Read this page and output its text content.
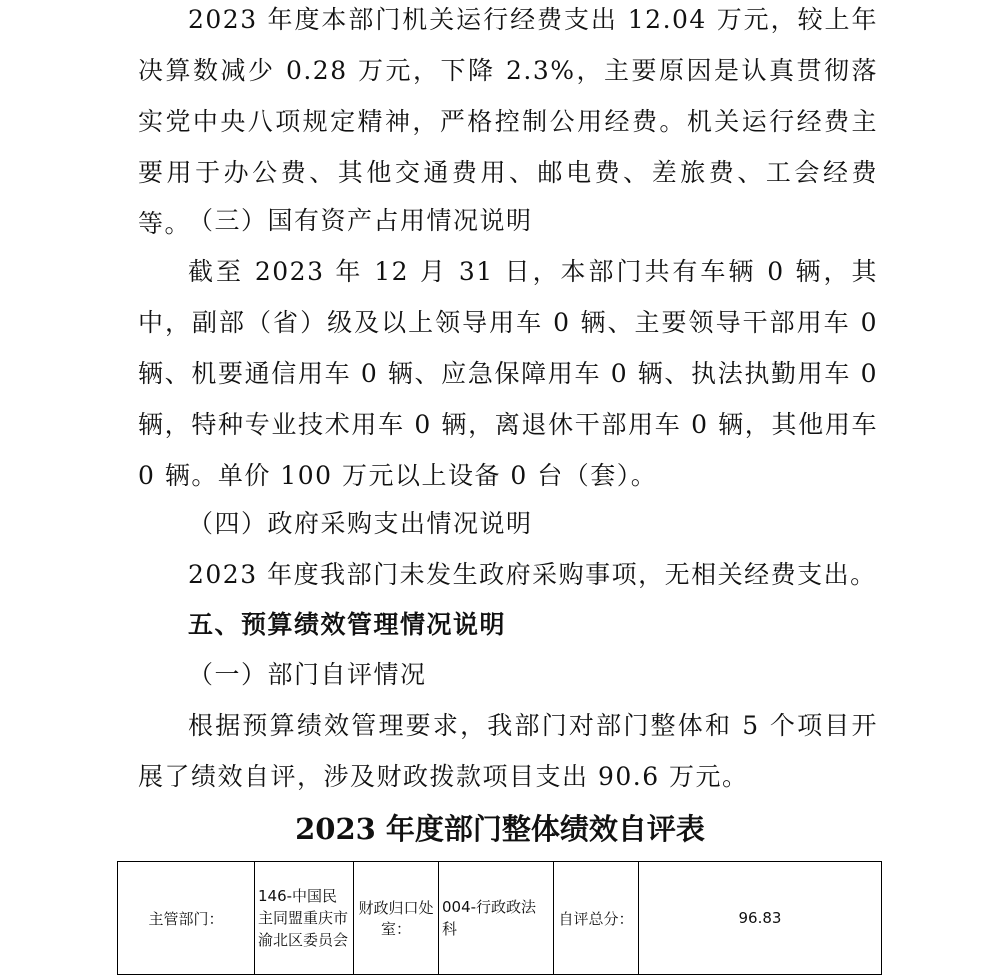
2023 年度本部门机关运行经费支出 12.04 万元，较上年决算数减少 0.28 万元，下降 2.3%，主要原因是认真贯彻落实党中央八项规定精神，严格控制公用经费。机关运行经费主要用于办公费、其他交通费用、邮电费、差旅费、工会经费等。

（三）国有资产占用情况说明

截至 2023 年 12 月 31 日，本部门共有车辆 0 辆，其中，副部（省）级及以上领导用车 0 辆、主要领导干部用车 0 辆、机要通信用车 0 辆、应急保障用车 0 辆、执法执勤用车 0 辆，特种专业技术用车 0 辆，离退休干部用车 0 辆，其他用车 0 辆。单价 100 万元以上设备 0 台（套）。

（四）政府采购支出情况说明

2023 年度我部门未发生政府采购事项，无相关经费支出。

五、预算绩效管理情况说明

（一）部门自评情况

根据预算绩效管理要求，我部门对部门整体和 5 个项目开展了绩效自评，涉及财政拨款项目支出 90.6 万元。

2023 年度部门整体绩效自评表

主管部门：	146-中国民主同盟重庆市渝北区委员会	财政归口处室：	004-行政政法科	自评总分：	96.83
